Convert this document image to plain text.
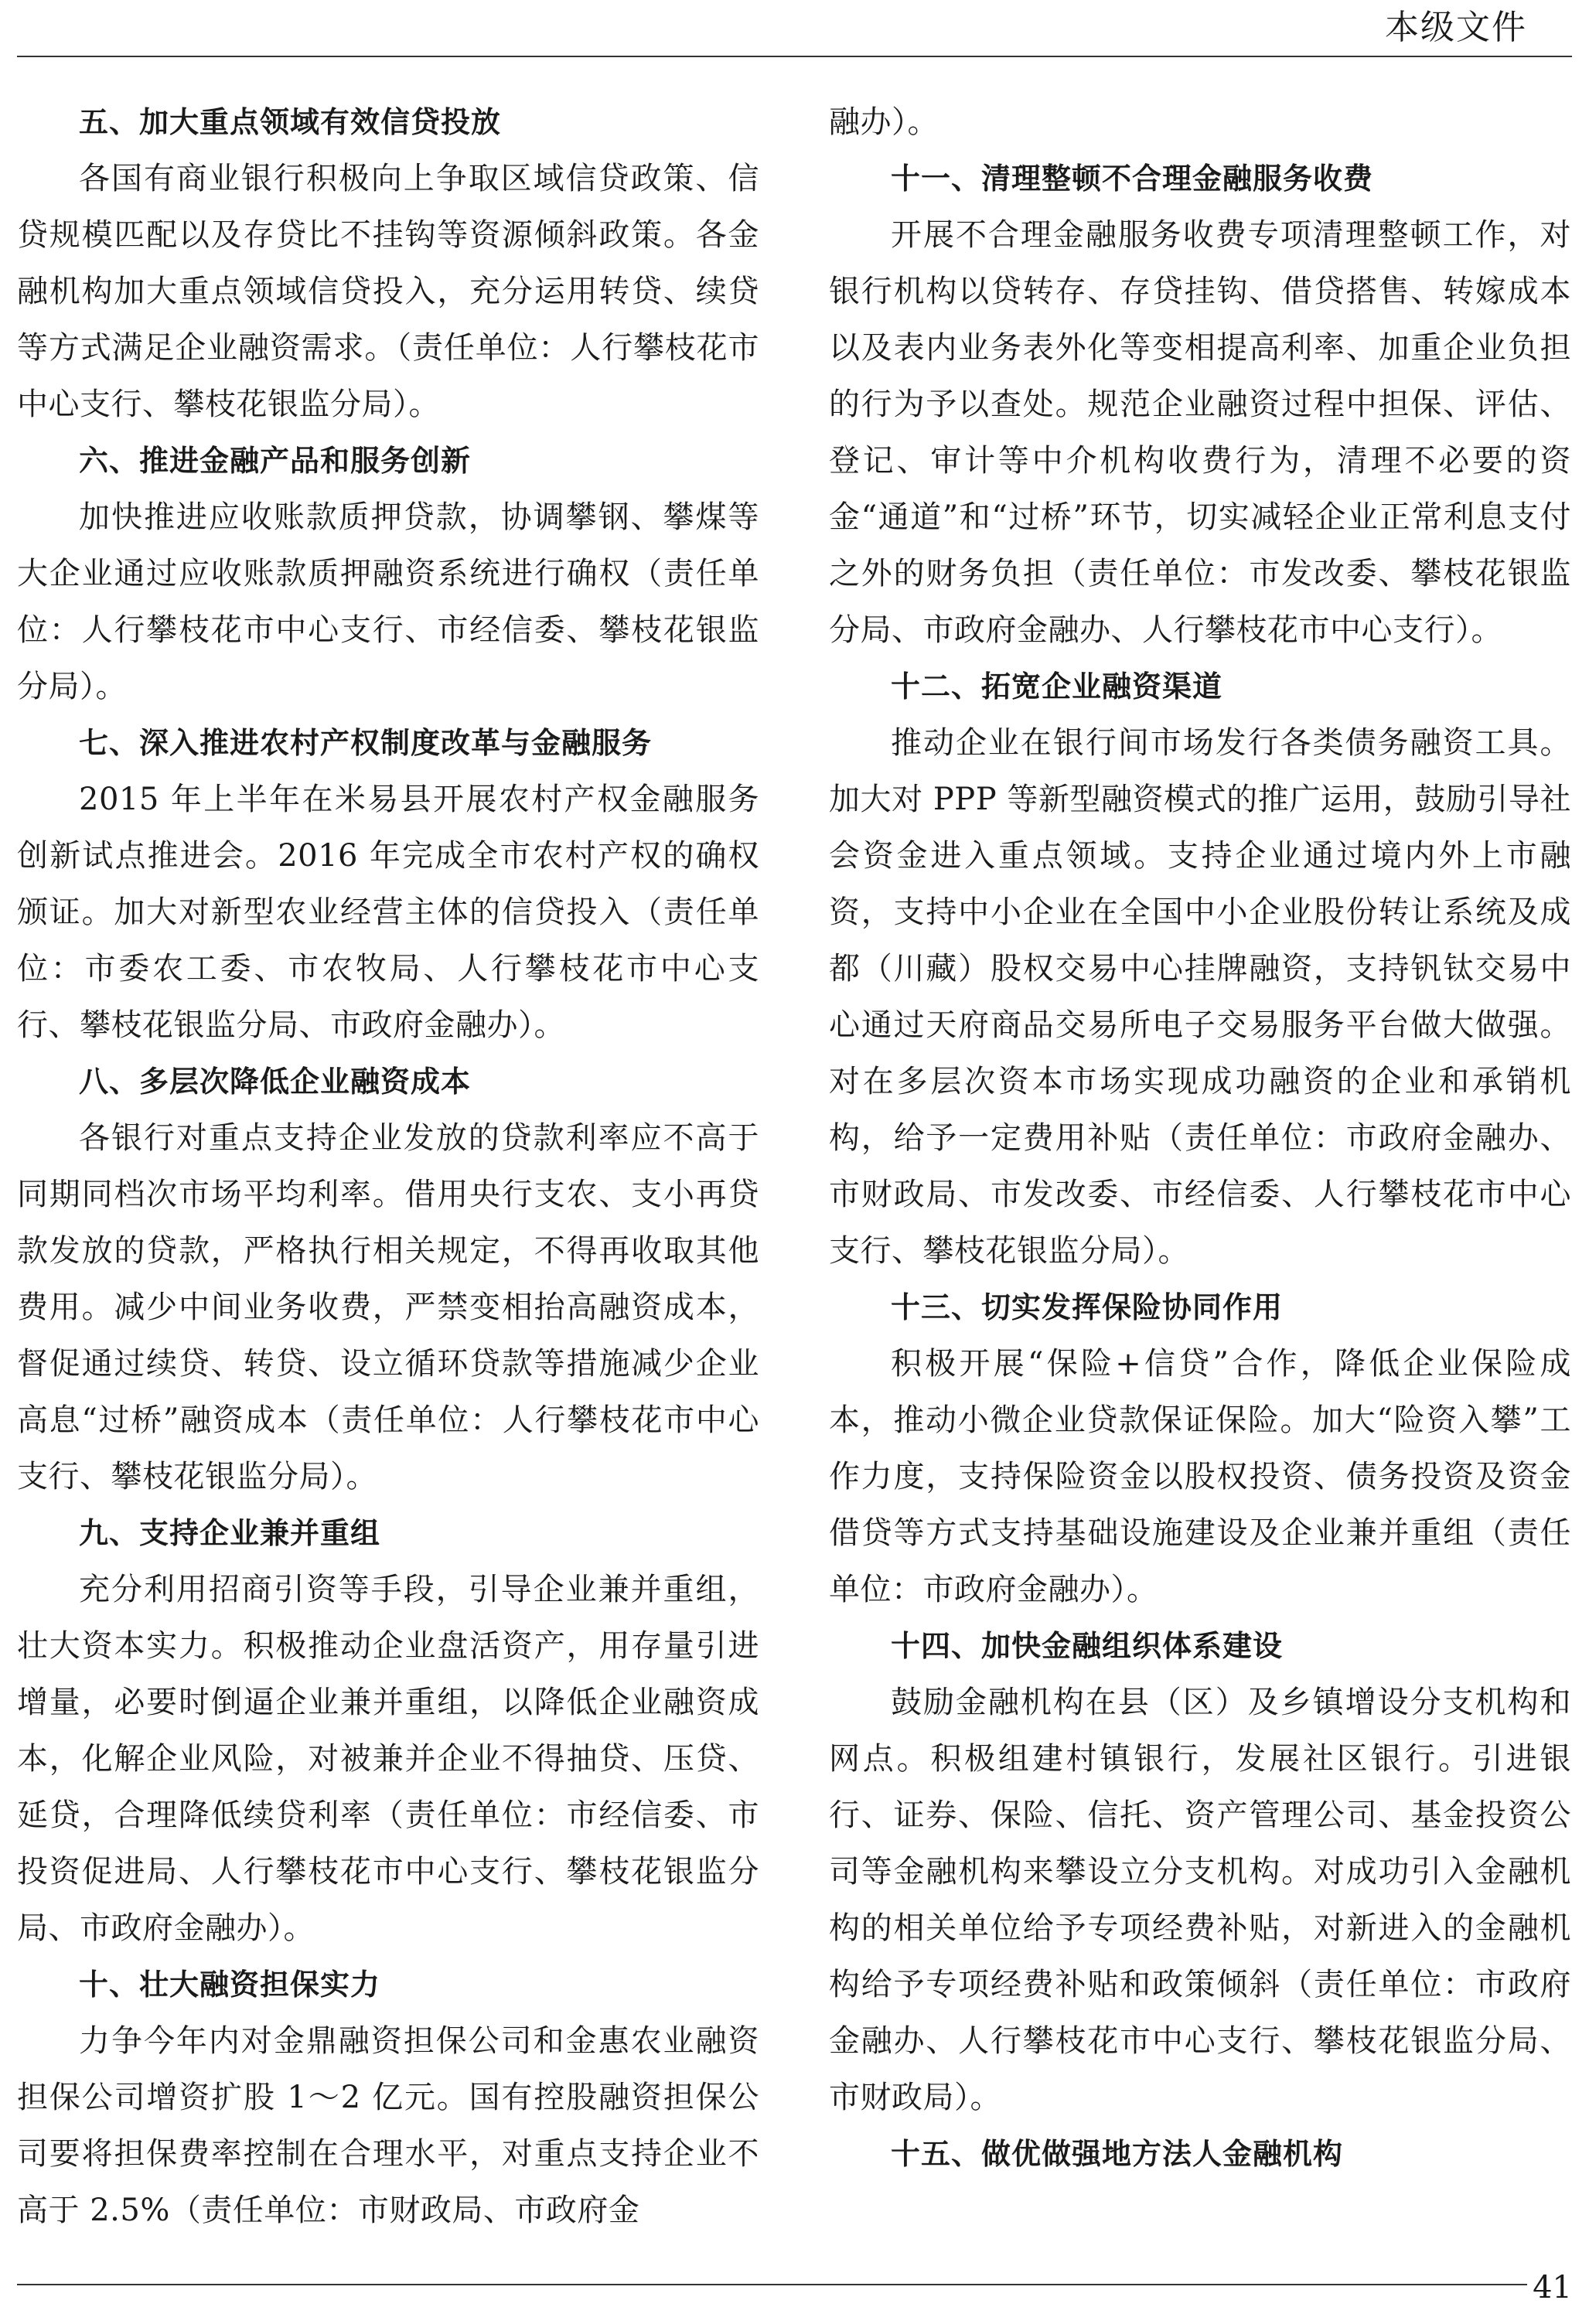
本级文件
五、加大重点领域有效信贷投放

各国有商业银行积极向上争取区域信贷政策、信贷规模匹配以及存贷比不挂钩等资源倾斜政策。各金融机构加大重点领域信贷投入，充分运用转贷、续贷等方式满足企业融资需求。（责任单位：人行攀枝花市中心支行、攀枝花银监分局）。

六、推进金融产品和服务创新

加快推进应收账款质押贷款，协调攀钢、攀煤等大企业通过应收账款质押融资系统进行确权（责任单位：人行攀枝花市中心支行、市经信委、攀枝花银监分局）。

七、深入推进农村产权制度改革与金融服务

2015 年上半年在米易县开展农村产权金融服务创新试点推进会。2016 年完成全市农村产权的确权颁证。加大对新型农业经营主体的信贷投入（责任单位：市委农工委、市农牧局、人行攀枝花市中心支行、攀枝花银监分局、市政府金融办）。

八、多层次降低企业融资成本

各银行对重点支持企业发放的贷款利率应不高于同期同档次市场平均利率。借用央行支农、支小再贷款发放的贷款，严格执行相关规定，不得再收取其他费用。减少中间业务收费，严禁变相抬高融资成本，督促通过续贷、转贷、设立循环贷款等措施减少企业高息“过桥”融资成本（责任单位：人行攀枝花市中心支行、攀枝花银监分局）。

九、支持企业兼并重组

充分利用招商引资等手段，引导企业兼并重组，壮大资本实力。积极推动企业盘活资产，用存量引进增量，必要时倒逼企业兼并重组，以降低企业融资成本，化解企业风险，对被兼并企业不得抽贷、压贷、延贷，合理降低续贷利率（责任单位：市经信委、市投资促进局、人行攀枝花市中心支行、攀枝花银监分局、市政府金融办）。

十、壮大融资担保实力

力争今年内对金鼎融资担保公司和金惠农业融资担保公司增资扩股 1～2 亿元。国有控股融资担保公司要将担保费率控制在合理水平，对重点支持企业不高于 2.5%（责任单位：市财政局、市政府金

融办）。

十一、清理整顿不合理金融服务收费

开展不合理金融服务收费专项清理整顿工作，对银行机构以贷转存、存贷挂钩、借贷搭售、转嫁成本以及表内业务表外化等变相提高利率、加重企业负担的行为予以查处。规范企业融资过程中担保、评估、登记、审计等中介机构收费行为，清理不必要的资金“通道”和“过桥”环节，切实减轻企业正常利息支付之外的财务负担（责任单位：市发改委、攀枝花银监分局、市政府金融办、人行攀枝花市中心支行）。

十二、拓宽企业融资渠道

推动企业在银行间市场发行各类债务融资工具。加大对 PPP 等新型融资模式的推广运用，鼓励引导社会资金进入重点领域。支持企业通过境内外上市融资，支持中小企业在全国中小企业股份转让系统及成都（川藏）股权交易中心挂牌融资，支持钒钛交易中心通过天府商品交易所电子交易服务平台做大做强。对在多层次资本市场实现成功融资的企业和承销机构，给予一定费用补贴（责任单位：市政府金融办、市财政局、市发改委、市经信委、人行攀枝花市中心支行、攀枝花银监分局）。

十三、切实发挥保险协同作用

积极开展“保险+信贷”合作，降低企业保险成本，推动小微企业贷款保证保险。加大“险资入攀”工作力度，支持保险资金以股权投资、债务投资及资金借贷等方式支持基础设施建设及企业兼并重组（责任单位：市政府金融办）。

十四、加快金融组织体系建设

鼓励金融机构在县（区）及乡镇增设分支机构和网点。积极组建村镇银行，发展社区银行。引进银行、证券、保险、信托、资产管理公司、基金投资公司等金融机构来攀设立分支机构。对成功引入金融机构的相关单位给予专项经费补贴，对新进入的金融机构给予专项经费补贴和政策倾斜（责任单位：市政府金融办、人行攀枝花市中心支行、攀枝花银监分局、市财政局）。

十五、做优做强地方法人金融机构
41
